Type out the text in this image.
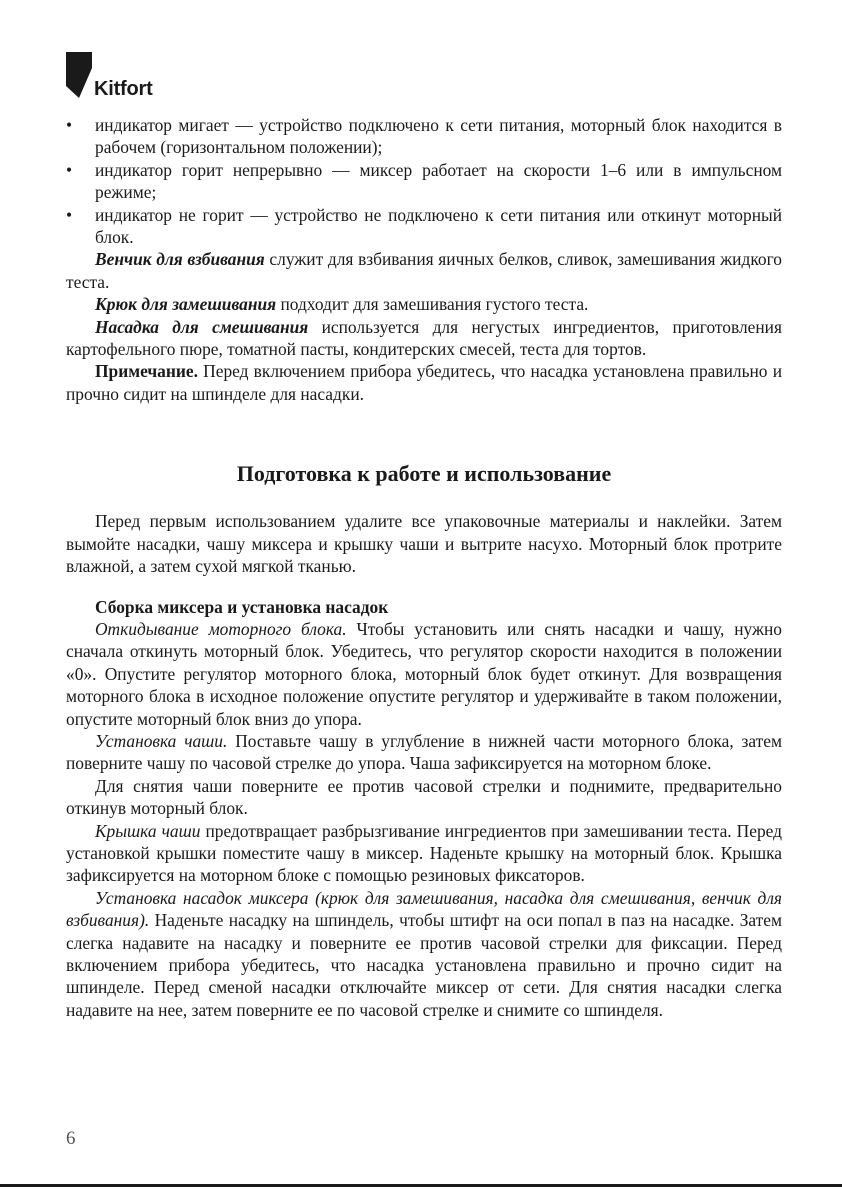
Kitfort
• индикатор мигает — устройство подключено к сети питания, моторный блок находится в рабочем (горизонтальном положении);
• индикатор горит непрерывно — миксер работает на скорости 1–6 или в импульсном режиме;
• индикатор не горит — устройство не подключено к сети питания или откинут моторный блок.

Венчик для взбивания служит для взбивания яичных белков, сливок, замешивания жидкого теста.

Крюк для замешивания подходит для замешивания густого теста.

Насадка для смешивания используется для негустых ингредиентов, приготовления картофельного пюре, томатной пасты, кондитерских смесей, теста для тортов.

Примечание. Перед включением прибора убедитесь, что насадка установлена правильно и прочно сидит на шпинделе для насадки.

Подготовка к работе и использование

Перед первым использованием удалите все упаковочные материалы и наклейки. Затем вымойте насадки, чашу миксера и крышку чаши и вытрите насухо. Моторный блок протрите влажной, а затем сухой мягкой тканью.

Сборка миксера и установка насадок

Откидывание моторного блока. Чтобы установить или снять насадки и чашу, нужно сначала откинуть моторный блок. Убедитесь, что регулятор скорости находится в положении «0». Опустите регулятор моторного блока, моторный блок будет откинут. Для возвращения моторного блока в исходное положение опустите регулятор и удерживайте в таком положении, опустите моторный блок вниз до упора.

Установка чаши. Поставьте чашу в углубление в нижней части моторного блока, затем поверните чашу по часовой стрелке до упора. Чаша зафиксируется на моторном блоке.

Для снятия чаши поверните ее против часовой стрелки и поднимите, предварительно откинув моторный блок.

Крышка чаши предотвращает разбрызгивание ингредиентов при замешивании теста. Перед установкой крышки поместите чашу в миксер. Наденьте крышку на моторный блок. Крышка зафиксируется на моторном блоке с помощью резиновых фиксаторов.

Установка насадок миксера (крюк для замешивания, насадка для смешивания, венчик для взбивания). Наденьте насадку на шпиндель, чтобы штифт на оси попал в паз на насадке. Затем слегка надавите на насадку и поверните ее против часовой стрелки для фиксации. Перед включением прибора убедитесь, что насадка установлена правильно и прочно сидит на шпинделе. Перед сменой насадки отключайте миксер от сети. Для снятия насадки слегка надавите на нее, затем поверните ее по часовой стрелке и снимите со шпинделя.

6
